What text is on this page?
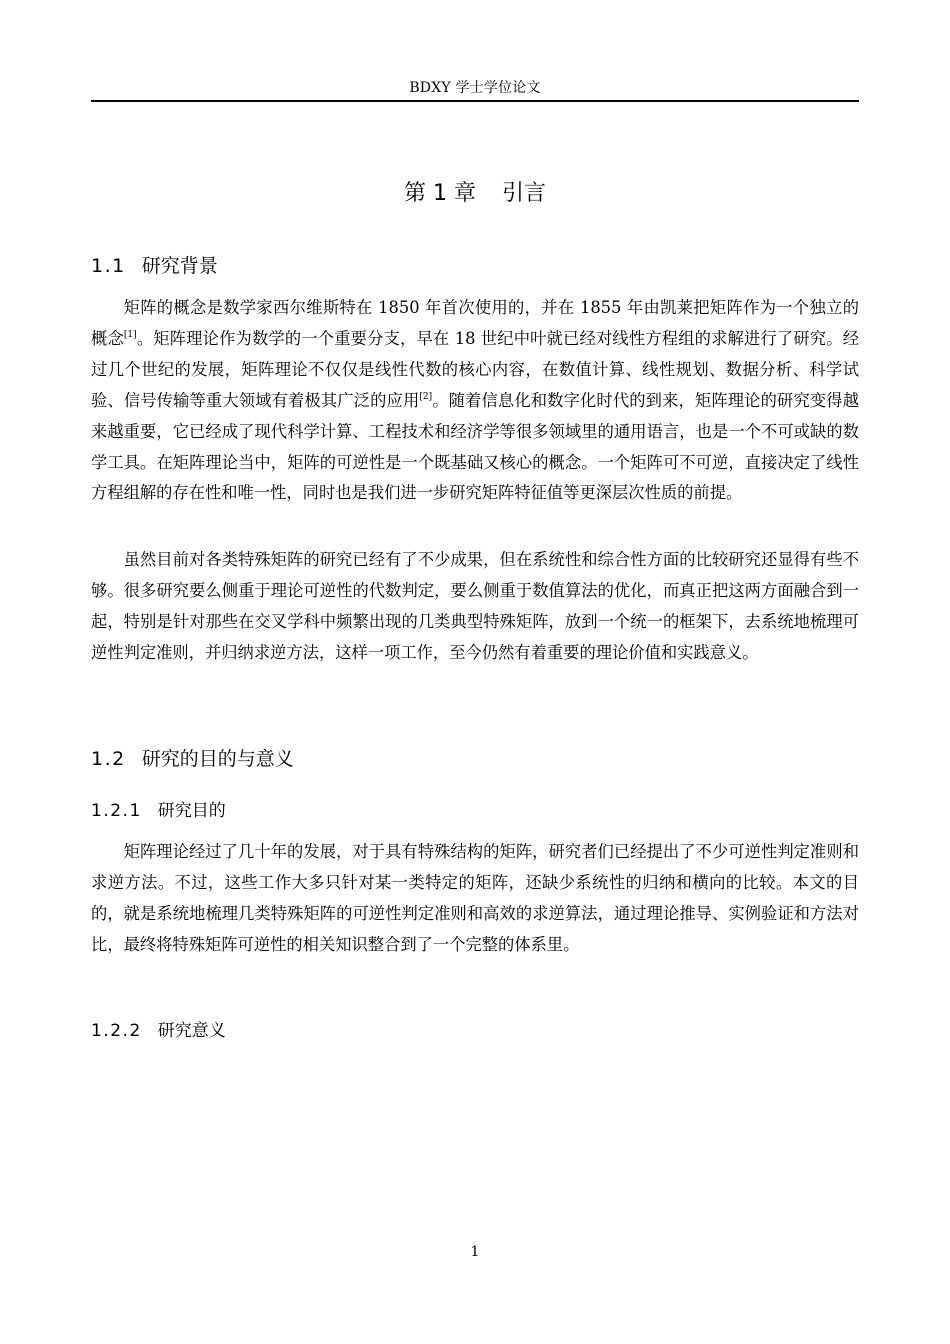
BDXY 学士学位论文
第 1 章 引言
1.1 研究背景

矩阵的概念是数学家西尔维斯特在 1850 年首次使用的，并在 1855 年由凯莱把矩阵作为一个独立的概念[1]。矩阵理论作为数学的一个重要分支，早在 18 世纪中叶就已经对线性方程组的求解进行了研究。经过几个世纪的发展，矩阵理论不仅仅是线性代数的核心内容，在数值计算、线性规划、数据分析、科学试验、信号传输等重大领域有着极其广泛的应用[2]。随着信息化和数字化时代的到来，矩阵理论的研究变得越来越重要，它已经成了现代科学计算、工程技术和经济学等很多领域里的通用语言，也是一个不可或缺的数学工具。在矩阵理论当中，矩阵的可逆性是一个既基础又核心的概念。一个矩阵可不可逆，直接决定了线性方程组解的存在性和唯一性，同时也是我们进一步研究矩阵特征值等更深层次性质的前提。

虽然目前对各类特殊矩阵的研究已经有了不少成果，但在系统性和综合性方面的比较研究还显得有些不够。很多研究要么侧重于理论可逆性的代数判定，要么侧重于数值算法的优化，而真正把这两方面融合到一起，特别是针对那些在交叉学科中频繁出现的几类典型特殊矩阵，放到一个统一的框架下，去系统地梳理可逆性判定准则，并归纳求逆方法，这样一项工作，至今仍然有着重要的理论价值和实践意义。

1.2 研究的目的与意义
1.2.1 研究目的

矩阵理论经过了几十年的发展，对于具有特殊结构的矩阵，研究者们已经提出了不少可逆性判定准则和求逆方法。不过，这些工作大多只针对某一类特定的矩阵，还缺少系统性的归纳和横向的比较。本文的目的，就是系统地梳理几类特殊矩阵的可逆性判定准则和高效的求逆算法，通过理论推导、实例验证和方法对比，最终将特殊矩阵可逆性的相关知识整合到了一个完整的体系里。

1.2.2 研究意义
1
